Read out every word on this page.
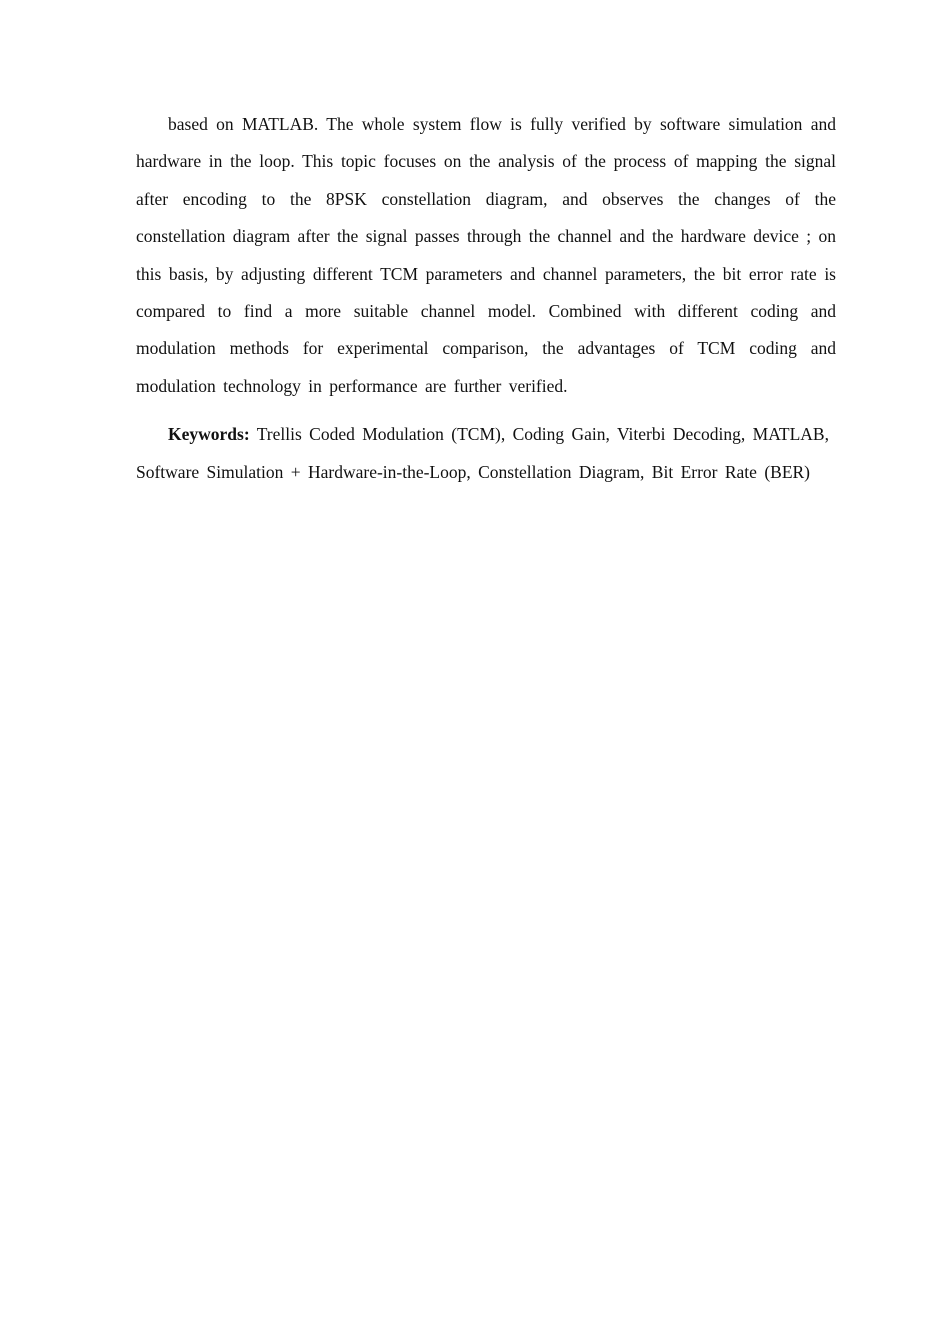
based on MATLAB. The whole system flow is fully verified by software simulation and hardware in the loop. This topic focuses on the analysis of the process of mapping the signal after encoding to the 8PSK constellation diagram, and observes the changes of the constellation diagram after the signal passes through the channel and the hardware device ; on this basis, by adjusting different TCM parameters and channel parameters, the bit error rate is compared to find a more suitable channel model. Combined with different coding and modulation methods for experimental comparison, the advantages of TCM coding and modulation technology in performance are further verified.

Keywords: Trellis Coded Modulation (TCM), Coding Gain, Viterbi Decoding, MATLAB, Software Simulation + Hardware-in-the-Loop, Constellation Diagram, Bit Error Rate (BER)
